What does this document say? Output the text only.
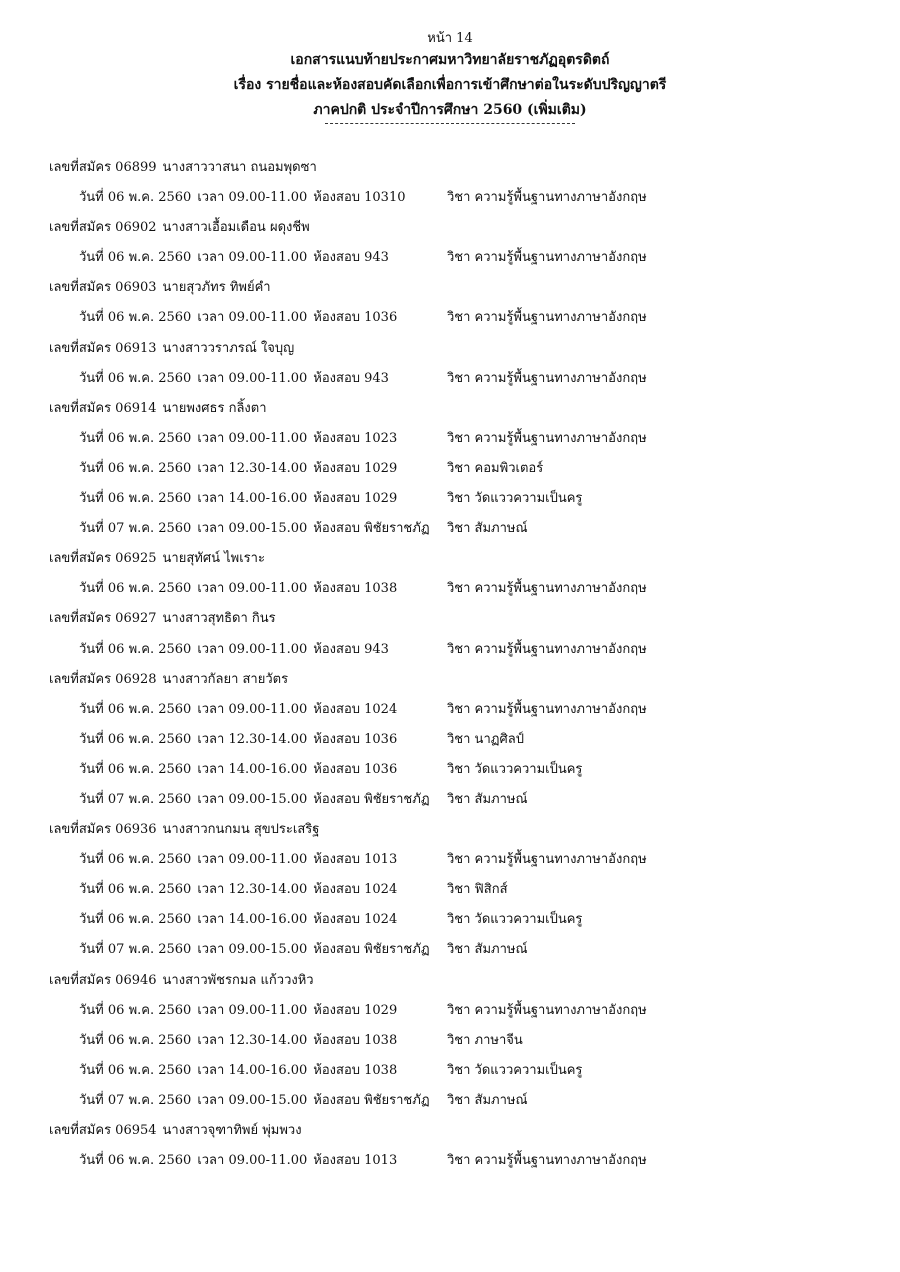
หน้า 14
เอกสารแนบท้ายประกาศมหาวิทยาลัยราชภัฏอุตรดิตถ์
เรื่อง รายชื่อและห้องสอบคัดเลือกเพื่อการเข้าศึกษาต่อในระดับปริญญาตรี
ภาคปกติ ประจำปีการศึกษา 2560 (เพิ่มเติม)
เลขที่สมัคร 06899 นางสาววาสนา ถนอมพุดซา
วันที่ 06 พ.ค. 2560 เวลา 09.00-11.00 ห้องสอบ 10310	วิชา ความรู้พื้นฐานทางภาษาอังกฤษ
เลขที่สมัคร 06902 นางสาวเอื้อมเดือน ผดุงชีพ
วันที่ 06 พ.ค. 2560 เวลา 09.00-11.00 ห้องสอบ 943	วิชา ความรู้พื้นฐานทางภาษาอังกฤษ
เลขที่สมัคร 06903 นายสุวภัทร ทิพย์คำ
วันที่ 06 พ.ค. 2560 เวลา 09.00-11.00 ห้องสอบ 1036	วิชา ความรู้พื้นฐานทางภาษาอังกฤษ
เลขที่สมัคร 06913 นางสาววราภรณ์ ใจบุญ
วันที่ 06 พ.ค. 2560 เวลา 09.00-11.00 ห้องสอบ 943	วิชา ความรู้พื้นฐานทางภาษาอังกฤษ
เลขที่สมัคร 06914 นายพงศธร กลิ้งตา
วันที่ 06 พ.ค. 2560 เวลา 09.00-11.00 ห้องสอบ 1023	วิชา ความรู้พื้นฐานทางภาษาอังกฤษ
วันที่ 06 พ.ค. 2560 เวลา 12.30-14.00 ห้องสอบ 1029	วิชา คอมพิวเตอร์
วันที่ 06 พ.ค. 2560 เวลา 14.00-16.00 ห้องสอบ 1029	วิชา วัดแววความเป็นครู
วันที่ 07 พ.ค. 2560 เวลา 09.00-15.00 ห้องสอบ พิชัยราชภัฏ วิชา สัมภาษณ์
เลขที่สมัคร 06925 นายสุทัศน์ ไพเราะ
วันที่ 06 พ.ค. 2560 เวลา 09.00-11.00 ห้องสอบ 1038	วิชา ความรู้พื้นฐานทางภาษาอังกฤษ
เลขที่สมัคร 06927 นางสาวสุทธิดา กินร
วันที่ 06 พ.ค. 2560 เวลา 09.00-11.00 ห้องสอบ 943	วิชา ความรู้พื้นฐานทางภาษาอังกฤษ
เลขที่สมัคร 06928 นางสาวกัลยา สายวัตร
วันที่ 06 พ.ค. 2560 เวลา 09.00-11.00 ห้องสอบ 1024	วิชา ความรู้พื้นฐานทางภาษาอังกฤษ
วันที่ 06 พ.ค. 2560 เวลา 12.30-14.00 ห้องสอบ 1036	วิชา นาฏศิลป์
วันที่ 06 พ.ค. 2560 เวลา 14.00-16.00 ห้องสอบ 1036	วิชา วัดแววความเป็นครู
วันที่ 07 พ.ค. 2560 เวลา 09.00-15.00 ห้องสอบ พิชัยราชภัฏ วิชา สัมภาษณ์
เลขที่สมัคร 06936 นางสาวกนกมน สุขประเสริฐ
วันที่ 06 พ.ค. 2560 เวลา 09.00-11.00 ห้องสอบ 1013	วิชา ความรู้พื้นฐานทางภาษาอังกฤษ
วันที่ 06 พ.ค. 2560 เวลา 12.30-14.00 ห้องสอบ 1024	วิชา ฟิสิกส์
วันที่ 06 พ.ค. 2560 เวลา 14.00-16.00 ห้องสอบ 1024	วิชา วัดแววความเป็นครู
วันที่ 07 พ.ค. 2560 เวลา 09.00-15.00 ห้องสอบ พิชัยราชภัฏ วิชา สัมภาษณ์
เลขที่สมัคร 06946 นางสาวพัชรกมล แก้ววงหิว
วันที่ 06 พ.ค. 2560 เวลา 09.00-11.00 ห้องสอบ 1029	วิชา ความรู้พื้นฐานทางภาษาอังกฤษ
วันที่ 06 พ.ค. 2560 เวลา 12.30-14.00 ห้องสอบ 1038	วิชา ภาษาจีน
วันที่ 06 พ.ค. 2560 เวลา 14.00-16.00 ห้องสอบ 1038	วิชา วัดแววความเป็นครู
วันที่ 07 พ.ค. 2560 เวลา 09.00-15.00 ห้องสอบ พิชัยราชภัฏ วิชา สัมภาษณ์
เลขที่สมัคร 06954 นางสาวจุฑาทิพย์ พุ่มพวง
วันที่ 06 พ.ค. 2560 เวลา 09.00-11.00 ห้องสอบ 1013	วิชา ความรู้พื้นฐานทางภาษาอังกฤษ
